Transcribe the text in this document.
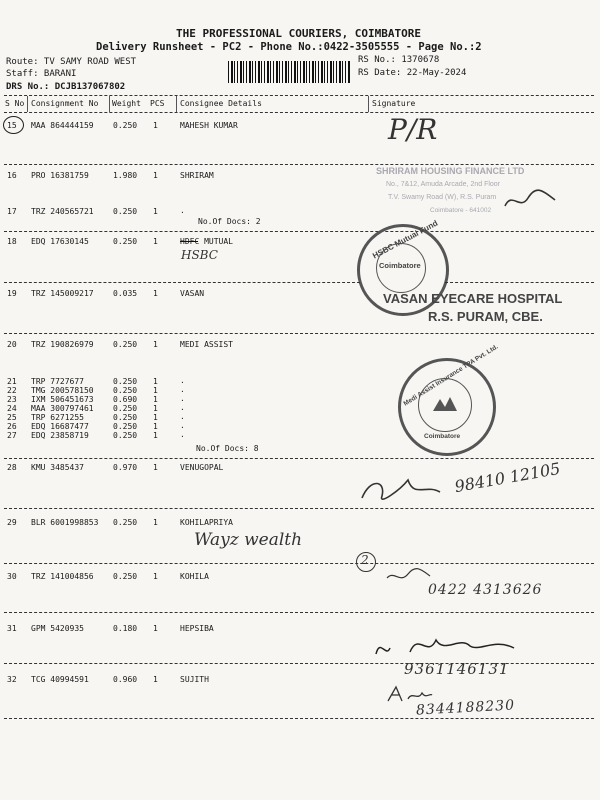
THE PROFESSIONAL COURIERS, COIMBATORE
Delivery Runsheet - PC2 - Phone No.:0422-3505555 - Page No.:2
Route: TV SAMY ROAD WEST
Staff: BARANI
DRS No.: DCJB137067802
RS No.: 1370678
RS Date: 22-May-2024
S No Consignment No Weight PCS Consignee Details	Signature
15 MAA 864444159 0.250 1	MAHESH KUMAR	P/R
16 PRO 16381759	1.980 1	SHRIRAM
17 TRZ 240565721 0.250 1	.
No.Of Docs: 2
SHRIRAM HOUSING FINANCE LTD
No., 7&12, Amuda Arcade, 2nd Floor
T.V. Swamy Road (W), R.S. Puram
Coimbatore - 641002
18 EDQ 17630145	0.250 1	HDFC MUTUAL
HSBC	HSBC Mutual Fund
Coimbatore
19 TRZ 145009217 0.035 1	VASAN	VASAN EYECARE HOSPITAL
R.S. PURAM, CBE.
20 TRZ 190826979 0.250 1	MEDI ASSIST
21 TRP 7727677	0.250 1	.
22 TMG 200578150 0.250 1	.
23 IXM 506451673 0.690 1	.
24 MAA 300797461 0.250 1	.
25 TRP 6271255	0.250 1	.
26 EDQ 16687477	0.250 1	.
27 EDQ 23858719	0.250 1	.
No.Of Docs: 8
Medi Assist Insurance TPA Pvt. Ltd.
Coimbatore
28 KMU 3485437	0.970 1	VENUGOPAL	98410 12105
29 BLR 6001998853 0.250 1	KOHILAPRIYA
Wayz wealth
2
30 TRZ 141004856 0.250 1	KOHILA
0422 4313626
31 GPM 5420935	0.180 1	HEPSIBA
9361146131
32 TCG 40994591	0.960 1	SUJITH
8344188230
